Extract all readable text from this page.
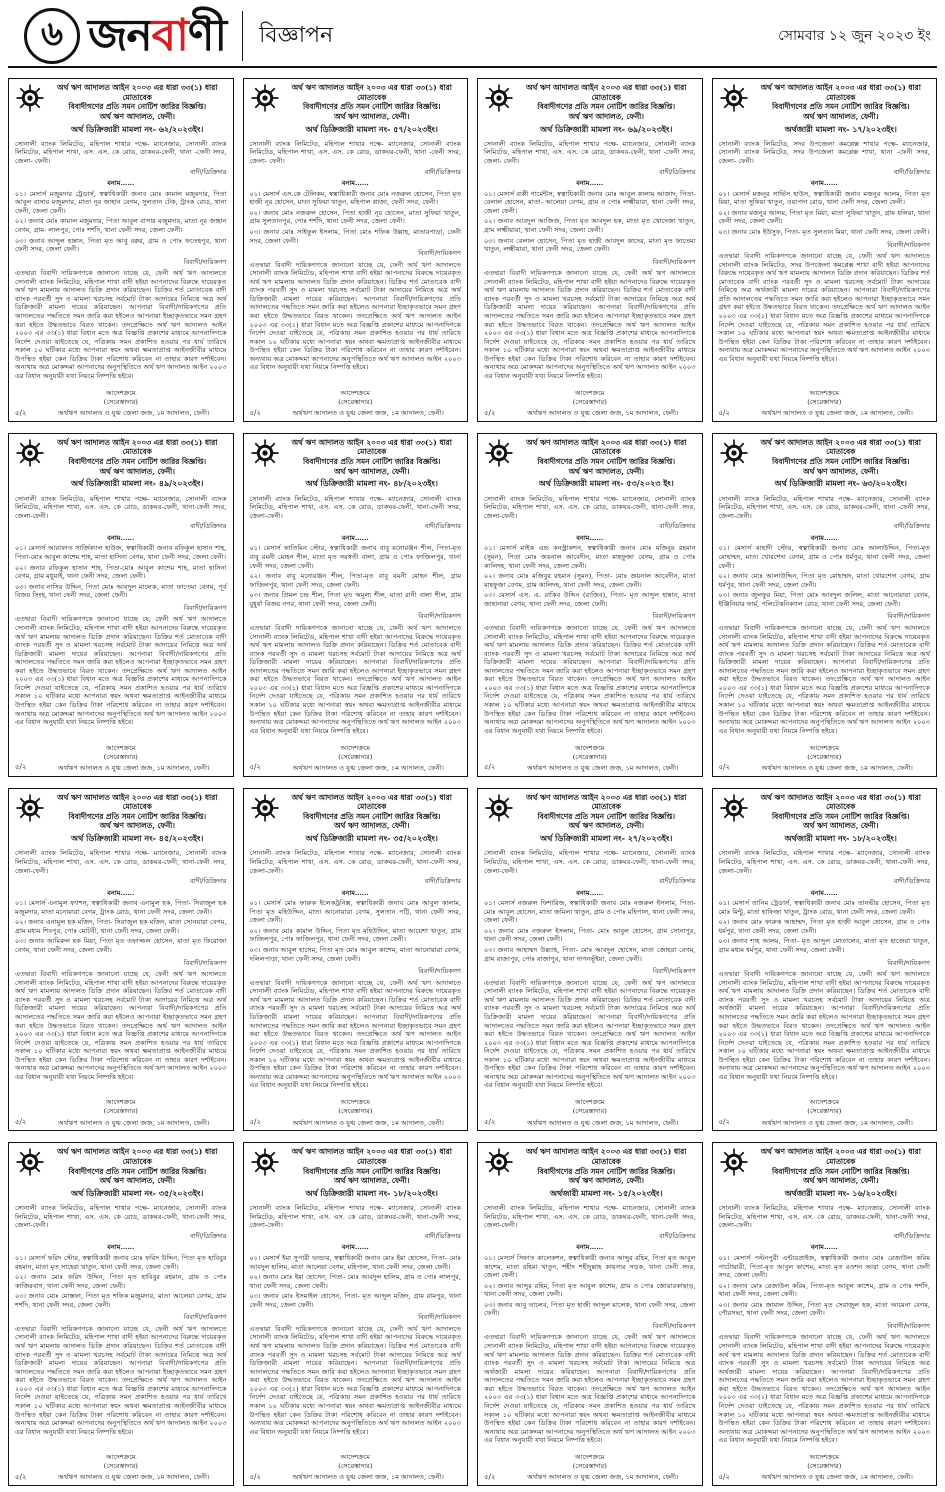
৬ জনবাণী বিজ্ঞাপন	সোমবার ১২ জুন ২০২৩ ইং
অর্থ ঋণ আদালত আইন ২০০৩ এর ধারা ৩৩(১) ধারা মোতাবেক
বিবাদীগণের প্রতি সমন নোটিশ জারির বিজ্ঞপ্তি।
অর্থ ঋণ আদালত, ফেনী।
অর্থ ডিক্রিজারী মামলা নং- ৬২/২০২৩ইং।
সোনালী ব্যাংক লিমিটেড, মহিপাল শাখার পক্ষে- ম্যানেজার, সোনালী ব্যাংক লিমিটেড, মহিপাল শাখা, এস. এস. কে রোড, ডাকঘর-ফেনী, থানা -ফেনী সদর, জেলা- ফেনী।
বাদী/ডিক্রিদার
বনাম......
০১। মেসার্স মজুমদার ট্রেডার্স, স্বত্বাধিকারী জনাব মোঃ কামাল মজুমদার, পিতা আবুল বাসার মজুমদার, মাতা নূর জাহান বেগম, সুলতান টেক, ট্রাংক রোড, থানা ফেনী, জেলা ফেনী।
০২। জনাব মোঃ কামাল মজুমদার, পিতা আবুল বাসার মজুমদার, মাতা নূর জাহান বেগম, গ্রাম- লালপুর, পোঃ শর্শদি, থানা ফেনী সদর, জেলা ফেনী।
০৩। জনাব আব্দুল হান্নান, পিতা মৃত আবু বক্কর, গ্রাম ও পোঃ ফতেহপুর, থানা ফেনী সদর, জেলা ফেনী।
বিবাদী/দায়িকগণ
এতদ্বারা বিবাদী দায়িকগণকে জানানো যাচ্ছে যে, ফেনী অর্থ ঋণ আদালতে সোনালী ব্যাংক লিমিটেড, মহিপাল শাখা বাদী হইয়া আপনাদের বিরুদ্ধে দায়েরকৃত অর্থ ঋণ মামলায় আদালত ডিক্রি প্রদান করিয়াছেন। ডিক্রির শর্ত মোতাবেক বাদী ব্যাংক পরবর্তী সুদ ও মামলা খরচসহ সর্বমোট টাকা আদায়ের নিমিত্তে অত্র অর্থ ডিক্রিজারী মামলা দায়ের করিয়াছেন। আপনারা বিবাদী/দায়িকগণের প্রতি আদালতের পদ্ধতিতে সমন জারি করা হইলেও আপনারা ইচ্ছাকৃতভাবে সমন গ্রহণ করা হইতে উদ্ধতভাবে বিরত থাকেন। তদপ্রেক্ষিতে অর্থ ঋণ আদালত আইন ২০০৩ এর ৩৩(১) ধারা বিধান মতে অত্র বিজ্ঞপ্তি প্রকাশের মাধ্যমে আপনাদিগকে নির্দেশ দেওয়া যাইতেছে যে, পত্রিকায় সমন প্রকাশিত হওয়ার পর ধার্য তারিখে সকাল ১০ ঘটিকার মধ্যে আপনারা স্বয়ং অথবা ক্ষমতাপ্রাপ্ত আইনজীবীর মাধ্যমে উপস্থিত হইয়া কেন ডিক্রির টাকা পরিশোধ করিবেন না তাহার কারণ দর্শাইবেন। অন্যথায় অত্র মোকদ্দমা আপনাদের অনুপস্থিতিতে অর্থ ঋণ আদালত আইন ২০০৩ এর বিধান অনুযায়ী যথা নিয়মে নিষ্পত্তি হইবে।
আদেশক্রমে
(সেরেস্তাদার)
৫/২	অর্থঋণ আদালত ও যুগ্ম জেলা জজ, ১ম আদালত, ফেনী।
অর্থ ঋণ আদালত আইন ২০০৩ এর ধারা ৩৩(১) ধারা মোতাবেক
বিবাদীগণের প্রতি সমন নোটিশ জারির বিজ্ঞপ্তি।
অর্থ ঋণ আদালত, ফেনী।
অর্থ ডিক্রিজারী মামলা নং- ৫৭/২০২৩ইং।
সোনালী ব্যাংক লিমিটেড, মহিপাল শাখার পক্ষে- ম্যানেজার, সোনালী ব্যাংক লিমিটেড, মহিপাল শাখা, এস. এস. কে রোড, ডাকঘর-ফেনী, থানা -ফেনী সদর, জেলা- ফেনী।
বাদী/ডিক্রিদার
বনাম......
০১। মেসার্স এস.কে টেলিকম, স্বত্বাধিকারী জনাব মোঃ নজরুল হোসেন, পিতা মৃত হাজী নূর হোসেন, মাতা সুফিয়া খাতুন, মহিপাল প্লাজা, ফেনী সদর, ফেনী।
০২। জনাব মোঃ নজরুল হোসেন, পিতা হাজী নূর হোসেন, মাতা সুফিয়া খাতুন, গ্রাম সুলতানপুর, পোঃ শর্শদি, থানা ফেনী সদর, জেলা ফেনী।
০৩। জনাব মোঃ সাইফুল ইসলাম, পিতা মোঃ শফিক উল্লাহ, মাতারপাড়া, ফেনী সদর, জেলা ফেনী।
বিবাদী/দায়িকগণ
এতদ্বারা বিবাদী দায়িকগণকে জানানো যাচ্ছে যে, ফেনী অর্থ ঋণ আদালতে সোনালী ব্যাংক লিমিটেড, মহিপাল শাখা বাদী হইয়া আপনাদের বিরুদ্ধে দায়েরকৃত অর্থ ঋণ মামলায় আদালত ডিক্রি প্রদান করিয়াছেন। ডিক্রির শর্ত মোতাবেক বাদী ব্যাংক পরবর্তী সুদ ও মামলা খরচসহ সর্বমোট টাকা আদায়ের নিমিত্তে অত্র অর্থ ডিক্রিজারী মামলা দায়ের করিয়াছেন। আপনারা বিবাদী/দায়িকগণের প্রতি আদালতের পদ্ধতিতে সমন জারি করা হইলেও আপনারা ইচ্ছাকৃতভাবে সমন গ্রহণ করা হইতে উদ্ধতভাবে বিরত থাকেন। তদপ্রেক্ষিতে অর্থ ঋণ আদালত আইন ২০০৩ এর ৩৩(১) ধারা বিধান মতে অত্র বিজ্ঞপ্তি প্রকাশের মাধ্যমে আপনাদিগকে নির্দেশ দেওয়া যাইতেছে যে, পত্রিকায় সমন প্রকাশিত হওয়ার পর ধার্য তারিখে সকাল ১০ ঘটিকার মধ্যে আপনারা স্বয়ং অথবা ক্ষমতাপ্রাপ্ত আইনজীবীর মাধ্যমে উপস্থিত হইয়া কেন ডিক্রির টাকা পরিশোধ করিবেন না তাহার কারণ দর্শাইবেন। অন্যথায় অত্র মোকদ্দমা আপনাদের অনুপস্থিতিতে অর্থ ঋণ আদালত আইন ২০০৩ এর বিধান অনুযায়ী যথা নিয়মে নিষ্পত্তি হইবে।
আদেশক্রমে
(সেরেস্তাদার)
৫/২	অর্থঋণ আদালত ও যুগ্ম জেলা জজ, ১ম আদালত, ফেনী।
অর্থ ঋণ আদালত আইন ২০০৩ এর ধারা ৩৩(১) ধারা মোতাবেক
বিবাদীগণের প্রতি সমন নোটিশ জারির বিজ্ঞপ্তি।
অর্থ ঋণ আদালত, ফেনী।
অর্থ ডিক্রিজারী মামলা নং- ৬৯/২০২৩ইং।
সোনালী ব্যাংক লিমিটেড, মহিপাল শাখার পক্ষে- ম্যানেজার, সোনালী ব্যাংক লিমিটেড, মহিপাল শাখা, এস. এস. কে রোড, ডাকঘর-ফেনী, থানা -ফেনী সদর, জেলা- ফেনী।
বাদী/ডিক্রিদার
বনাম......
০১। মেসার্স বাপ্পী গার্মেন্টস, স্বত্বাধিকারী জনাব মোঃ আবুল কালাম আজাদ, পিতা- বেলাল হোসেন, মাতা- আলেয়া বেগম, গ্রাম ও পোঃ লক্ষ্মীয়ারা, থানা ফেনী সদর, জেলা ফেনী।
০২। জনাব আবদুল আজিজ, পিতা মৃত আবদুল হক, মাতা মৃত খোদেজা খাতুন, গ্রাম লক্ষ্মীয়ারা, থানা ফেনী সদর, জেলা ফেনী।
০৩। জনাব বেলাল হোসেন, পিতা মৃত হাজী আবদুল কাদের, মাতা মৃত ফাতেমা খাতুন, লক্ষ্মীয়ারা, থানা ফেনী সদর, জেলা ফেনী।
বিবাদী/দায়িকগণ
এতদ্বারা বিবাদী দায়িকগণকে জানানো যাচ্ছে যে, ফেনী অর্থ ঋণ আদালতে সোনালী ব্যাংক লিমিটেড, মহিপাল শাখা বাদী হইয়া আপনাদের বিরুদ্ধে দায়েরকৃত অর্থ ঋণ মামলায় আদালত ডিক্রি প্রদান করিয়াছেন। ডিক্রির শর্ত মোতাবেক বাদী ব্যাংক পরবর্তী সুদ ও মামলা খরচসহ সর্বমোট টাকা আদায়ের নিমিত্তে অত্র অর্থ ডিক্রিজারী মামলা দায়ের করিয়াছেন। আপনারা বিবাদী/দায়িকগণের প্রতি আদালতের পদ্ধতিতে সমন জারি করা হইলেও আপনারা ইচ্ছাকৃতভাবে সমন গ্রহণ করা হইতে উদ্ধতভাবে বিরত থাকেন। তদপ্রেক্ষিতে অর্থ ঋণ আদালত আইন ২০০৩ এর ৩৩(১) ধারা বিধান মতে অত্র বিজ্ঞপ্তি প্রকাশের মাধ্যমে আপনাদিগকে নির্দেশ দেওয়া যাইতেছে যে, পত্রিকায় সমন প্রকাশিত হওয়ার পর ধার্য তারিখে সকাল ১০ ঘটিকার মধ্যে আপনারা স্বয়ং অথবা ক্ষমতাপ্রাপ্ত আইনজীবীর মাধ্যমে উপস্থিত হইয়া কেন ডিক্রির টাকা পরিশোধ করিবেন না তাহার কারণ দর্শাইবেন। অন্যথায় অত্র মোকদ্দমা আপনাদের অনুপস্থিতিতে অর্থ ঋণ আদালত আইন ২০০৩ এর বিধান অনুযায়ী যথা নিয়মে নিষ্পত্তি হইবে।
আদেশক্রমে
(সেরেস্তাদার)
৫/২	অর্থঋণ আদালত ও যুগ্ম জেলা জজ, ১ম আদালত, ফেনী।
অর্থ ঋণ আদালত আইন ২০০৩ এর ধারা ৩৩(১) ধারা মোতাবেক
বিবাদীগণের প্রতি সমন নোটিশ জারির বিজ্ঞপ্তি।
অর্থ ঋণ আদালত, ফেনী।
অর্থজারী মামলা নং- ১৭/২০২৩ইং।
সোনালী ব্যাংক লিমিটেড, সদর উপজেলা কমপ্লেক্স শাখার পক্ষে- ম্যানেজার, সোনালী ব্যাংক লিমিটেড, সদর উপজেলা কমপ্লেক্স শাখা, থানা -ফেনী সদর, জেলা- ফেনী।
বাদী/ডিক্রিদার
বনাম......
০১। মেসার্স মজনুর সার্ভিস হাউস, স্বত্বাধিকারী জনাব মজনুর আলম, পিতা মৃত মিয়া, মাতা সুফিয়া খাতুন, ওয়াপদা রোড, থানা ফেনী সদর, জেলা ফেনী।
০২। জনাব মজনুর আলম, পিতা মৃত মিয়া, মাতা সুফিয়া খাতুন, গ্রাম ধলিয়া, থানা ফেনী সদর, জেলা ফেনী।
০৩। জনাব মোঃ ইউসুফ, পিতা- মৃত সুলতান মিয়া, থানা ফেনী সদর, জেলা ফেনী।
বিবাদী/দায়িকগণ
এতদ্বারা বিবাদী দায়িকগণকে জানানো যাচ্ছে যে, ফেনী অর্থ ঋণ আদালতে সোনালী ব্যাংক লিমিটেড, সদর উপজেলা কমপ্লেক্স শাখা বাদী হইয়া আপনাদের বিরুদ্ধে দায়েরকৃত অর্থ ঋণ মামলায় আদালত ডিক্রি প্রদান করিয়াছেন। ডিক্রির শর্ত মোতাবেক বাদী ব্যাংক পরবর্তী সুদ ও মামলা খরচসহ সর্বমোট টাকা আদায়ের নিমিত্তে অত্র অর্থজারী মামলা দায়ের করিয়াছেন। আপনারা বিবাদী/দায়িকগণের প্রতি আদালতের পদ্ধতিতে সমন জারি করা হইলেও আপনারা ইচ্ছাকৃতভাবে সমন গ্রহণ করা হইতে উদ্ধতভাবে বিরত থাকেন। তদপ্রেক্ষিতে অর্থ ঋণ আদালত আইন ২০০৩ এর ৩৩(১) ধারা বিধান মতে অত্র বিজ্ঞপ্তি প্রকাশের মাধ্যমে আপনাদিগকে নির্দেশ দেওয়া যাইতেছে যে, পত্রিকায় সমন প্রকাশিত হওয়ার পর ধার্য তারিখে সকাল ১০ ঘটিকার মধ্যে আপনারা স্বয়ং অথবা ক্ষমতাপ্রাপ্ত আইনজীবীর মাধ্যমে উপস্থিত হইয়া কেন ডিক্রির টাকা পরিশোধ করিবেন না তাহার কারণ দর্শাইবেন। অন্যথায় অত্র মোকদ্দমা আপনাদের অনুপস্থিতিতে অর্থ ঋণ আদালত আইন ২০০৩ এর বিধান অনুযায়ী যথা নিয়মে নিষ্পত্তি হইবে।
আদেশক্রমে
(সেরেস্তাদার)
৫/২	অর্থঋণ আদালত ও যুগ্ম জেলা জজ, ১ম আদালত, ফেনী।
অর্থ ঋণ আদালত আইন ২০০৩ এর ধারা ৩৩(১) ধারা মোতাবেক
বিবাদীগণের প্রতি সমন নোটিশ জারির বিজ্ঞপ্তি।
অর্থ ঋণ আদালত, ফেনী।
অর্থ ডিক্রিজারী মামলা নং- ৪৯/২০২৩ইং।
সোনালী ব্যাংক লিমিটেড, মহিপাল শাখার পক্ষে- ম্যানেজার, সোনালী ব্যাংক লিমিটেড, মহিপাল শাখা, এস. এস. কে রোড, ডাকঘর-ফেনী, থানা-ফেনী সদর, জেলা-ফেনী।
বাদী/ডিক্রিদার
বনাম......
০১। মেসার্স আরাফাত সার্জিক্যাল হাউজ, স্বত্বাধিকারী জনাব রফিকুল হাসান শাহ, পিতা-মোঃ আবুল কাশেম শাহ, মাতা হাসিনা বেগম, থানা ফেনী সদর, জেলা ফেনী।
০২। জনাব রফিকুল হাসান শাহ, পিতা-মোঃ আবুল কাশেম শাহ, মাতা হাসিনা বেগম, গ্রাম মধুয়াই, থানা ফেনী সদর, জেলা ফেনী।
০৩। জনাব নাসির উদ্দিন, পিতা মোঃ আবদুল মালেক, মাতা ফাতেমা বেগম, পূর্ব বিজয় সিংহ, থানা ফেনী সদর, জেলা ফেনী।
বিবাদী/দায়িকগণ
এতদ্বারা বিবাদী দায়িকগণকে জানানো যাচ্ছে যে, ফেনী অর্থ ঋণ আদালতে সোনালী ব্যাংক লিমিটেড, মহিপাল শাখা বাদী হইয়া আপনাদের বিরুদ্ধে দায়েরকৃত অর্থ ঋণ মামলায় আদালত ডিক্রি প্রদান করিয়াছেন। ডিক্রির শর্ত মোতাবেক বাদী ব্যাংক পরবর্তী সুদ ও মামলা খরচসহ সর্বমোট টাকা আদায়ের নিমিত্তে অত্র অর্থ ডিক্রিজারী মামলা দায়ের করিয়াছেন। আপনারা বিবাদী/দায়িকগণের প্রতি আদালতের পদ্ধতিতে সমন জারি করা হইলেও আপনারা ইচ্ছাকৃতভাবে সমন গ্রহণ করা হইতে উদ্ধতভাবে বিরত থাকেন। তদপ্রেক্ষিতে অর্থ ঋণ আদালত আইন ২০০৩ এর ৩৩(১) ধারা বিধান মতে অত্র বিজ্ঞপ্তি প্রকাশের মাধ্যমে আপনাদিগকে নির্দেশ দেওয়া যাইতেছে যে, পত্রিকায় সমন প্রকাশিত হওয়ার পর ধার্য তারিখে সকাল ১০ ঘটিকার মধ্যে আপনারা স্বয়ং অথবা ক্ষমতাপ্রাপ্ত আইনজীবীর মাধ্যমে উপস্থিত হইয়া কেন ডিক্রির টাকা পরিশোধ করিবেন না তাহার কারণ দর্শাইবেন। অন্যথায় অত্র মোকদ্দমা আপনাদের অনুপস্থিতিতে অর্থ ঋণ আদালত আইন ২০০৩ এর বিধান অনুযায়ী যথা নিয়মে নিষ্পত্তি হইবে।
আদেশক্রমে
(সেরেস্তাদার)
৫/২	অর্থঋণ আদালত ও যুগ্ম জেলা জজ, ১ম আদালত, ফেনী।
অর্থ ঋণ আদালত আইন ২০০৩ এর ধারা ৩৩(১) ধারা মোতাবেক
বিবাদীগণের প্রতি সমন নোটিশ জারির বিজ্ঞপ্তি।
অর্থ ঋণ আদালত, ফেনী।
অর্থ ডিক্রিজারী মামলা নং- ৪৮/২০২৩ইং।
সোনালী ব্যাংক লিমিটেড, মহিপাল শাখার পক্ষে- ম্যানেজার, সোনালী ব্যাংক লিমিটেড, মহিপাল শাখা, এস. এস. কে রোড, ডাকঘর-ফেনী, থানা-ফেনী সদর, জেলা-ফেনী।
বাদী/ডিক্রিদার
বনাম......
০১। মেসার্স ফাতিমিন স্টোর, স্বত্বাধিকারী জনাব বাবু মনোরঞ্জন শীল, পিতা-মৃত বাবু রমনী মোহন শীল, মাতা মৃত সরস্বতী বালা, গ্রাম ও পোঃ ফাজিলপুর, থানা ফেনী সদর, জেলা ফেনী।
০২। জনাব বাবু মনোরঞ্জন শীল, পিতা-মৃত বাবু রমনী মোহন শীল, গ্রাম ফাজিলপুর, থানা ফেনী সদর, জেলা ফেনী।
০৩। জনাব প্রিমল চন্দ্র শীল, পিতা মৃত অমূল্য শীল, মাতা রানী বালা শীল, গ্রাম বুধুর্য়া বিজয় নগর, থানা ফেনী সদর, জেলা ফেনী।
বিবাদী/দায়িকগণ
এতদ্বারা বিবাদী দায়িকগণকে জানানো যাচ্ছে যে, ফেনী অর্থ ঋণ আদালতে সোনালী ব্যাংক লিমিটেড, মহিপাল শাখা বাদী হইয়া আপনাদের বিরুদ্ধে দায়েরকৃত অর্থ ঋণ মামলায় আদালত ডিক্রি প্রদান করিয়াছেন। ডিক্রির শর্ত মোতাবেক বাদী ব্যাংক পরবর্তী সুদ ও মামলা খরচসহ সর্বমোট টাকা আদায়ের নিমিত্তে অত্র অর্থ ডিক্রিজারী মামলা দায়ের করিয়াছেন। আপনারা বিবাদী/দায়িকগণের প্রতি আদালতের পদ্ধতিতে সমন জারি করা হইলেও আপনারা ইচ্ছাকৃতভাবে সমন গ্রহণ করা হইতে উদ্ধতভাবে বিরত থাকেন। তদপ্রেক্ষিতে অর্থ ঋণ আদালত আইন ২০০৩ এর ৩৩(১) ধারা বিধান মতে অত্র বিজ্ঞপ্তি প্রকাশের মাধ্যমে আপনাদিগকে নির্দেশ দেওয়া যাইতেছে যে, পত্রিকায় সমন প্রকাশিত হওয়ার পর ধার্য তারিখে সকাল ১০ ঘটিকার মধ্যে আপনারা স্বয়ং অথবা ক্ষমতাপ্রাপ্ত আইনজীবীর মাধ্যমে উপস্থিত হইয়া কেন ডিক্রির টাকা পরিশোধ করিবেন না তাহার কারণ দর্শাইবেন। অন্যথায় অত্র মোকদ্দমা আপনাদের অনুপস্থিতিতে অর্থ ঋণ আদালত আইন ২০০৩ এর বিধান অনুযায়ী যথা নিয়মে নিষ্পত্তি হইবে।
আদেশক্রমে
(সেরেস্তাদার)
৫/২	অর্থঋণ আদালত ও যুগ্ম জেলা জজ, ১ম আদালত, ফেনী।
অর্থ ঋণ আদালত আইন ২০০৩ এর ধারা ৩৩(১) ধারা মোতাবেক
বিবাদীগণের প্রতি সমন নোটিশ জারির বিজ্ঞপ্তি।
অর্থ ঋণ আদালত, ফেনী।
অর্থ ডিক্রিজারী মামলা নং- ৫৩/২০২৩ ইং।
সোনালী ব্যাংক লিমিটেড, মহিপাল শাখার পক্ষে- ম্যানেজার, সোনালী ব্যাংক লিমিটেড, মহিপাল শাখা, এস. এস. কে রোড, ডাকঘর-ফেনী, থানা-ফেনী সদর, জেলা-ফেনী।
বাদী/ডিক্রিদার
বনাম......
০১। মেসার্স মাইক এন্ড কনস্ট্রাকশন, স্বত্বাধিকারী জনাব মোঃ মজিবুর রহমান (সুমন), পিতা মোঃ জয়নাল আবেদীন, মাতা মাহফুজা বেগম, গ্রাম ও পোঃ কালিদহ, থানা ফেনী সদর, জেলা ফেনী।
০২। জনাব মোঃ মজিবুর রহমান (সুমন), পিতা- মোঃ জয়নাল আবেদীন, মাতা মাহফুজা বেগম, গ্রাম কালিদহ, থানা ফেনী সদর, জেলা ফেনী।
০৩। মেসার্স এস. এ. রাকিব উদ্দিন (রাজিব), পিতা- মৃত আব্দুল হান্নান, মাতা জাহানারা বেগম, থানা ফেনী সদর, জেলা ফেনী।
বিবাদী/দায়িকগণ
এতদ্বারা বিবাদী দায়িকগণকে জানানো যাচ্ছে যে, ফেনী অর্থ ঋণ আদালতে সোনালী ব্যাংক লিমিটেড, মহিপাল শাখা বাদী হইয়া আপনাদের বিরুদ্ধে দায়েরকৃত অর্থ ঋণ মামলায় আদালত ডিক্রি প্রদান করিয়াছেন। ডিক্রির শর্ত মোতাবেক বাদী ব্যাংক পরবর্তী সুদ ও মামলা খরচসহ সর্বমোট টাকা আদায়ের নিমিত্তে অত্র অর্থ ডিক্রিজারী মামলা দায়ের করিয়াছেন। আপনারা বিবাদী/দায়িকগণের প্রতি আদালতের পদ্ধতিতে সমন জারি করা হইলেও আপনারা ইচ্ছাকৃতভাবে সমন গ্রহণ করা হইতে উদ্ধতভাবে বিরত থাকেন। তদপ্রেক্ষিতে অর্থ ঋণ আদালত আইন ২০০৩ এর ৩৩(১) ধারা বিধান মতে অত্র বিজ্ঞপ্তি প্রকাশের মাধ্যমে আপনাদিগকে নির্দেশ দেওয়া যাইতেছে যে, পত্রিকায় সমন প্রকাশিত হওয়ার পর ধার্য তারিখে সকাল ১০ ঘটিকার মধ্যে আপনারা স্বয়ং অথবা ক্ষমতাপ্রাপ্ত আইনজীবীর মাধ্যমে উপস্থিত হইয়া কেন ডিক্রির টাকা পরিশোধ করিবেন না তাহার কারণ দর্শাইবেন। অন্যথায় অত্র মোকদ্দমা আপনাদের অনুপস্থিতিতে অর্থ ঋণ আদালত আইন ২০০৩ এর বিধান অনুযায়ী যথা নিয়মে নিষ্পত্তি হইবে।
আদেশক্রমে
(সেরেস্তাদার)
৫/২	অর্থঋণ আদালত ও যুগ্ম জেলা জজ, ১ম আদালত, ফেনী।
অর্থ ঋণ আদালত আইন ২০০৩ এর ধারা ৩৩(১) ধারা মোতাবেক
বিবাদীগণের প্রতি সমন নোটিশ জারির বিজ্ঞপ্তি।
অর্থ ঋণ আদালত, ফেনী।
অর্থ ডিক্রিজারী মামলা নং- ৬৩/২০২৩ইং।
সোনালী ব্যাংক লিমিটেড, মহিপাল শাখার পক্ষে- ম্যানেজার, সোনালী ব্যাংক লিমিটেড, মহিপাল শাখা, এস. এস. কে রোড, ডাকঘর-ফেনী, থানা -ফেনী সদর, জেলা-ফেনী।
বাদী/ডিক্রিদার
বনাম......
০১। মেসার্স মাহাদী স্টোর, স্বত্বাধিকারী জনাব মোঃ আলাউদ্দিন, পিতা-মৃত মোহাম্মদ, মাতা খোরশেদা বেগম, গ্রাম ও পোঃ ধর্মপুর, থানা ফেনী সদর, জেলা ফেনী।
০২। জনাব মোঃ আলাউদ্দিন, পিতা মৃত মোহাম্মদ, মাতা খোরশেদা বেগম, গ্রাম ধর্মপুর, থানা ফেনী সদর, জেলা ফেনী।
০৩। জনাব জুলফুর মিয়া, পিতা মোঃ আবদুল জলিল, মাতা আনোয়ারা বেগম, ইঞ্জিনিয়ার ফার্ম, পলিটেকনিক্যাল রোড, থানা ফেনী সদর, জেলা ফেনী।
বিবাদী/দায়িকগণ
এতদ্বারা বিবাদী দায়িকগণকে জানানো যাচ্ছে যে, ফেনী অর্থ ঋণ আদালতে সোনালী ব্যাংক লিমিটেড, মহিপাল শাখা বাদী হইয়া আপনাদের বিরুদ্ধে দায়েরকৃত অর্থ ঋণ মামলায় আদালত ডিক্রি প্রদান করিয়াছেন। ডিক্রির শর্ত মোতাবেক বাদী ব্যাংক পরবর্তী সুদ ও মামলা খরচসহ সর্বমোট টাকা আদায়ের নিমিত্তে অত্র অর্থ ডিক্রিজারী মামলা দায়ের করিয়াছেন। আপনারা বিবাদী/দায়িকগণের প্রতি আদালতের পদ্ধতিতে সমন জারি করা হইলেও আপনারা ইচ্ছাকৃতভাবে সমন গ্রহণ করা হইতে উদ্ধতভাবে বিরত থাকেন। তদপ্রেক্ষিতে অর্থ ঋণ আদালত আইন ২০০৩ এর ৩৩(১) ধারা বিধান মতে অত্র বিজ্ঞপ্তি প্রকাশের মাধ্যমে আপনাদিগকে নির্দেশ দেওয়া যাইতেছে যে, পত্রিকায় সমন প্রকাশিত হওয়ার পর ধার্য তারিখে সকাল ১০ ঘটিকার মধ্যে আপনারা স্বয়ং অথবা ক্ষমতাপ্রাপ্ত আইনজীবীর মাধ্যমে উপস্থিত হইয়া কেন ডিক্রির টাকা পরিশোধ করিবেন না তাহার কারণ দর্শাইবেন। অন্যথায় অত্র মোকদ্দমা আপনাদের অনুপস্থিতিতে অর্থ ঋণ আদালত আইন ২০০৩ এর বিধান অনুযায়ী যথা নিয়মে নিষ্পত্তি হইবে।
আদেশক্রমে
(সেরেস্তাদার)
৫/২	অর্থঋণ আদালত ও যুগ্ম জেলা জজ, ১ম আদালত, ফেনী।
অর্থ ঋণ আদালত আইন ২০০৩ এর ধারা ৩৩(১) ধারা মোতাবেক
বিবাদীগণের প্রতি সমন নোটিশ জারির বিজ্ঞপ্তি।
অর্থ ঋণ আদালত, ফেনী।
অর্থ ডিক্রিজারী মামলা নং- ৪৫/২০২৩ইং।
সোনালী ব্যাংক লিমিটেড, মহিপাল শাখার পক্ষে- ম্যানেজার, সোনালী ব্যাংক লিমিটেড, মহিপাল শাখা, এস. এস. কে রোড, ডাকঘর-ফেনী, থানা-ফেনী সদর, জেলা-ফেনী।
বাদী/ডিক্রিদার
বনাম......
০১। মেসার্স এনামুল ফ্যাশন, স্বত্বাধিকারী জনাব এনামুল হক, পিতা- সিরাজুল হক মজুমদার, মাতা মনোয়ারা বেগম, ট্রাংক রোড, থানা ফেনী সদর, জেলা ফেনী।
০২। জনাব এনামুল হক মজিদ, পিতা- সিরাজুল হক মজিদ, মাতা সোনয়ারা বেগম, গ্রাম মধ্যম শিবপুর, পোঃ মোটবী, থানা ফেনী সদর, জেলা ফেনী।
০৩। জনাব আমিরুল হক মিয়া, পিতা মৃত তফাজ্জল হোসেন, মাতা মৃত ফিরোজা বেগম, থানা ফেনী সদর, জেলা ফেনী।
বিবাদী/দায়িকগণ
এতদ্বারা বিবাদী দায়িকগণকে জানানো যাচ্ছে যে, ফেনী অর্থ ঋণ আদালতে সোনালী ব্যাংক লিমিটেড, মহিপাল শাখা বাদী হইয়া আপনাদের বিরুদ্ধে দায়েরকৃত অর্থ ঋণ মামলায় আদালত ডিক্রি প্রদান করিয়াছেন। ডিক্রির শর্ত মোতাবেক বাদী ব্যাংক পরবর্তী সুদ ও মামলা খরচসহ সর্বমোট টাকা আদায়ের নিমিত্তে অত্র অর্থ ডিক্রিজারী মামলা দায়ের করিয়াছেন। আপনারা বিবাদী/দায়িকগণের প্রতি আদালতের পদ্ধতিতে সমন জারি করা হইলেও আপনারা ইচ্ছাকৃতভাবে সমন গ্রহণ করা হইতে উদ্ধতভাবে বিরত থাকেন। তদপ্রেক্ষিতে অর্থ ঋণ আদালত আইন ২০০৩ এর ৩৩(১) ধারা বিধান মতে অত্র বিজ্ঞপ্তি প্রকাশের মাধ্যমে আপনাদিগকে নির্দেশ দেওয়া যাইতেছে যে, পত্রিকায় সমন প্রকাশিত হওয়ার পর ধার্য তারিখে সকাল ১০ ঘটিকার মধ্যে আপনারা স্বয়ং অথবা ক্ষমতাপ্রাপ্ত আইনজীবীর মাধ্যমে উপস্থিত হইয়া কেন ডিক্রির টাকা পরিশোধ করিবেন না তাহার কারণ দর্শাইবেন। অন্যথায় অত্র মোকদ্দমা আপনাদের অনুপস্থিতিতে অর্থ ঋণ আদালত আইন ২০০৩ এর বিধান অনুযায়ী যথা নিয়মে নিষ্পত্তি হইবে।
আদেশক্রমে
(সেরেস্তাদার)
৫/২	অর্থঋণ আদালত ও যুগ্ম জেলা জজ, ১ম আদালত, ফেনী।
অর্থ ঋণ আদালত আইন ২০০৩ এর ধারা ৩৩(১) ধারা মোতাবেক
বিবাদীগণের প্রতি সমন নোটিশ জারির বিজ্ঞপ্তি।
অর্থ ঋণ আদালত, ফেনী।
অর্থ ডিক্রিজারী মামলা নং- ৩৫/২০২৩ইং।
সোনালী ব্যাংক লিমিটেড, মহিপাল শাখার পক্ষে- ম্যানেজার, সোনালী ব্যাংক লিমিটেড, মহিপাল শাখা, এস. এস. কে রোড, ডাকঘর-ফেনী, থানা-ফেনী সদর, জেলা-ফেনী।
বাদী/ডিক্রিদার
বনাম......
০১। মেসার্স মোঃ ফারুক ইলেকট্রনিক্স, স্বত্বাধিকারী জনাব মোঃ আবুল কালাম, পিতা মৃত মহিউদ্দিন, মাতা আনোয়ারা বেগম, সুলতান পট্টি, থানা ফেনী সদর, জেলা ফেনী।
০২। জনাব মোঃ কামাল উদ্দিন, পিতা মৃত মহিউদ্দিন, মাতা আয়েশা খাতুন, গ্রাম ফাজিলপুর, পোঃ ফাজিলপুর, থানা ফেনী সদর, জেলা ফেনী।
০৩। জনাব আবুল হাসেম, পিতা মৃত মোঃ আবুল কাশেম, মাতা আনোয়ারা বেগম, দলিলপাড়া, থানা ফেনী সদর, জেলা ফেনী।
বিবাদী/দায়িকগণ
এতদ্বারা বিবাদী দায়িকগণকে জানানো যাচ্ছে যে, ফেনী অর্থ ঋণ আদালতে সোনালী ব্যাংক লিমিটেড, মহিপাল শাখা বাদী হইয়া আপনাদের বিরুদ্ধে দায়েরকৃত অর্থ ঋণ মামলায় আদালত ডিক্রি প্রদান করিয়াছেন। ডিক্রির শর্ত মোতাবেক বাদী ব্যাংক পরবর্তী সুদ ও মামলা খরচসহ সর্বমোট টাকা আদায়ের নিমিত্তে অত্র অর্থ ডিক্রিজারী মামলা দায়ের করিয়াছেন। আপনারা বিবাদী/দায়িকগণের প্রতি আদালতের পদ্ধতিতে সমন জারি করা হইলেও আপনারা ইচ্ছাকৃতভাবে সমন গ্রহণ করা হইতে উদ্ধতভাবে বিরত থাকেন। তদপ্রেক্ষিতে অর্থ ঋণ আদালত আইন ২০০৩ এর ৩৩(১) ধারা বিধান মতে অত্র বিজ্ঞপ্তি প্রকাশের মাধ্যমে আপনাদিগকে নির্দেশ দেওয়া যাইতেছে যে, পত্রিকায় সমন প্রকাশিত হওয়ার পর ধার্য তারিখে সকাল ১০ ঘটিকার মধ্যে আপনারা স্বয়ং অথবা ক্ষমতাপ্রাপ্ত আইনজীবীর মাধ্যমে উপস্থিত হইয়া কেন ডিক্রির টাকা পরিশোধ করিবেন না তাহার কারণ দর্শাইবেন। অন্যথায় অত্র মোকদ্দমা আপনাদের অনুপস্থিতিতে অর্থ ঋণ আদালত আইন ২০০৩ এর বিধান অনুযায়ী যথা নিয়মে নিষ্পত্তি হইবে।
আদেশক্রমে
(সেরেস্তাদার)
৫/২	অর্থঋণ আদালত ও যুগ্ম জেলা জজ, ১ম আদালত, ফেনী।
অর্থ ঋণ আদালত আইন ২০০৩ এর ধারা ৩৩(১) ধারা মোতাবেক
বিবাদীগণের প্রতি সমন নোটিশ জারির বিজ্ঞপ্তি।
অর্থ ঋণ আদালত, ফেনী।
অর্থ ডিক্রিজারী মামলা নং- ২৭/২০২৩ইং।
সোনালী ব্যাংক লিমিটেড, মহিপাল শাখার পক্ষে- ম্যানেজার, সোনালী ব্যাংক লিমিটেড, মহিপাল শাখা, এস. এস. কে রোড, ডাকঘর-ফেনী, থানা-ফেনী সদর, জেলা-ফেনী।
বাদী/ডিক্রিদার
বনাম......
০১। মেসার্স নজরুল ফিশারিজ, স্বত্বাধিকারী জনাব মোঃ নজরুল ইসলাম, পিতা- মোঃ আবুল হোসেন, মাতা জমিলা খাতুন, গ্রাম ও পোঃ মহিপাল, থানা ফেনী সদর, জেলা ফেনী।
০২। জনাব মোঃ নজরুল ইসলাম, পিতা- মোঃ আবুল হোসেন, গ্রাম সোনাপুর, থানা ফেনী সদর, জেলা ফেনী।
০৩। জনাব আহাম্মদ উল্ল্যাহ, পিতা- মোঃ আবদুল হোসেন, মাতা জোহরা বেগম, গ্রাম রাজাপুর, পোঃ রাজাপুর, থানা দাগনভূঁইয়া, জেলা ফেনী।
বিবাদী/দায়িকগণ
এতদ্বারা বিবাদী দায়িকগণকে জানানো যাচ্ছে যে, ফেনী অর্থ ঋণ আদালতে সোনালী ব্যাংক লিমিটেড, মহিপাল শাখা বাদী হইয়া আপনাদের বিরুদ্ধে দায়েরকৃত অর্থ ঋণ মামলায় আদালত ডিক্রি প্রদান করিয়াছেন। ডিক্রির শর্ত মোতাবেক বাদী ব্যাংক পরবর্তী সুদ ও মামলা খরচসহ সর্বমোট টাকা আদায়ের নিমিত্তে অত্র অর্থ ডিক্রিজারী মামলা দায়ের করিয়াছেন। আপনারা বিবাদী/দায়িকগণের প্রতি আদালতের পদ্ধতিতে সমন জারি করা হইলেও আপনারা ইচ্ছাকৃতভাবে সমন গ্রহণ করা হইতে উদ্ধতভাবে বিরত থাকেন। তদপ্রেক্ষিতে অর্থ ঋণ আদালত আইন ২০০৩ এর ৩৩(১) ধারা বিধান মতে অত্র বিজ্ঞপ্তি প্রকাশের মাধ্যমে আপনাদিগকে নির্দেশ দেওয়া যাইতেছে যে, পত্রিকায় সমন প্রকাশিত হওয়ার পর ধার্য তারিখে সকাল ১০ ঘটিকার মধ্যে আপনারা স্বয়ং অথবা ক্ষমতাপ্রাপ্ত আইনজীবীর মাধ্যমে উপস্থিত হইয়া কেন ডিক্রির টাকা পরিশোধ করিবেন না তাহার কারণ দর্শাইবেন। অন্যথায় অত্র মোকদ্দমা আপনাদের অনুপস্থিতিতে অর্থ ঋণ আদালত আইন ২০০৩ এর বিধান অনুযায়ী যথা নিয়মে নিষ্পত্তি হইবে।
আদেশক্রমে
(সেরেস্তাদার)
৫/২	অর্থঋণ আদালত ও যুগ্ম জেলা জজ, ১ম আদালত, ফেনী।
অর্থ ঋণ আদালত আইন ২০০৩ এর ধারা ৩৩(১) ধারা মোতাবেক
বিবাদীগণের প্রতি সমন নোটিশ জারির বিজ্ঞপ্তি।
অর্থ ঋণ আদালত, ফেনী।
অর্থজারী মামলা নং- ১৮/২০২৩ইং।
সোনালী ব্যাংক লিমিটেড, মহিপাল শাখার পক্ষে- ম্যানেজার, সোনালী ব্যাংক লিমিটেড, মহিপাল শাখা, এস. এস. কে রোড, ডাকঘর-ফেনী, থানা-ফেনী সদর, জেলা-ফেনী।
বাদী/ডিক্রিদার
বনাম......
০১। মেসার্স তানিম ট্রেডার্স, স্বত্বাধিকারী জনাব মোঃ তানভীর হোসেন, পিতা মৃত মোঃ মিন্টু, মাতা হাফিজা খাতুন, ট্রাংক রোড, থানা ফেনী সদর, জেলা ফেনী।
০২। জনাব মোঃ ফারুক আহাম্মদ, পিতা মৃত হাজী আবুল হোসেন, গ্রাম ও পোঃ ধর্মপুর, থানা ফেনী সদর, জেলা ফেনী।
০৩। জনাব শাহ আলম, পিতা- মৃত আব্দুল মোতালেব, মাতা মৃত হাজেরা খাতুন, গ্রাম মধ্যম ধর্মপুর, থানা ফেনী সদর, জেলা ফেনী।
বিবাদী/দায়িকগণ
এতদ্বারা বিবাদী দায়িকগণকে জানানো যাচ্ছে যে, ফেনী অর্থ ঋণ আদালতে সোনালী ব্যাংক লিমিটেড, মহিপাল শাখা বাদী হইয়া আপনাদের বিরুদ্ধে দায়েরকৃত অর্থ ঋণ মামলায় আদালত ডিক্রি প্রদান করিয়াছেন। ডিক্রির শর্ত মোতাবেক বাদী ব্যাংক পরবর্তী সুদ ও মামলা খরচসহ সর্বমোট টাকা আদায়ের নিমিত্তে অত্র অর্থজারী মামলা দায়ের করিয়াছেন। আপনারা বিবাদী/দায়িকগণের প্রতি আদালতের পদ্ধতিতে সমন জারি করা হইলেও আপনারা ইচ্ছাকৃতভাবে সমন গ্রহণ করা হইতে উদ্ধতভাবে বিরত থাকেন। তদপ্রেক্ষিতে অর্থ ঋণ আদালত আইন ২০০৩ এর ৩৩(১) ধারা বিধান মতে অত্র বিজ্ঞপ্তি প্রকাশের মাধ্যমে আপনাদিগকে নির্দেশ দেওয়া যাইতেছে যে, পত্রিকায় সমন প্রকাশিত হওয়ার পর ধার্য তারিখে সকাল ১০ ঘটিকার মধ্যে আপনারা স্বয়ং অথবা ক্ষমতাপ্রাপ্ত আইনজীবীর মাধ্যমে উপস্থিত হইয়া কেন ডিক্রির টাকা পরিশোধ করিবেন না তাহার কারণ দর্শাইবেন। অন্যথায় অত্র মোকদ্দমা আপনাদের অনুপস্থিতিতে অর্থ ঋণ আদালত আইন ২০০৩ এর বিধান অনুযায়ী যথা নিয়মে নিষ্পত্তি হইবে।
আদেশক্রমে
(সেরেস্তাদার)
৫/২	অর্থঋণ আদালত ও যুগ্ম জেলা জজ, ১ম আদালত, ফেনী।
অর্থ ঋণ আদালত আইন ২০০৩ এর ধারা ৩৩(১) ধারা মোতাবেক
বিবাদীগণের প্রতি সমন নোটিশ জারির বিজ্ঞপ্তি।
অর্থ ঋণ আদালত, ফেনী।
অর্থ ডিক্রিজারী মামলা নং- ৩৫/২০২৩ইং।
সোনালী ব্যাংক লিমিটেড, মহিপাল শাখার পক্ষে- ম্যানেজার, সোনালী ব্যাংক লিমিটেড, মহিপাল শাখা, এস. এস. কে রোড, ডাকঘর-ফেনী, থানা-ফেনী সদর, জেলা-ফেনী।
বাদী/ডিক্রিদার
বনাম......
০১। মেসার্স ফরিদ স্টোর, স্বত্বাধিকারী জনাব মোঃ ফরিদ উদ্দিন, পিতা মৃত হাবিবুর রহমান, মাতা মৃত সাহেরা খাতুন, থানা ফেনী সদর, জেলা ফেনী।
০২। জনাব মোঃ ফরিদ উদ্দিন, পিতা মৃত হাবিবুর রহমান, গ্রাম ও পোঃ কাজিরবাগ, থানা ফেনী সদর, জেলা ফেনী।
০৩। জনাব মোঃ মোস্তফা, পিতা মৃত শফিক মজুমদার, মাতা আলেয়া বেগম, গ্রাম শর্শদি, থানা ফেনী সদর, জেলা ফেনী।
বিবাদী/দায়িকগণ
এতদ্বারা বিবাদী দায়িকগণকে জানানো যাচ্ছে যে, ফেনী অর্থ ঋণ আদালতে সোনালী ব্যাংক লিমিটেড, মহিপাল শাখা বাদী হইয়া আপনাদের বিরুদ্ধে দায়েরকৃত অর্থ ঋণ মামলায় আদালত ডিক্রি প্রদান করিয়াছেন। ডিক্রির শর্ত মোতাবেক বাদী ব্যাংক পরবর্তী সুদ ও মামলা খরচসহ সর্বমোট টাকা আদায়ের নিমিত্তে অত্র অর্থ ডিক্রিজারী মামলা দায়ের করিয়াছেন। আপনারা বিবাদী/দায়িকগণের প্রতি আদালতের পদ্ধতিতে সমন জারি করা হইলেও আপনারা ইচ্ছাকৃতভাবে সমন গ্রহণ করা হইতে উদ্ধতভাবে বিরত থাকেন। তদপ্রেক্ষিতে অর্থ ঋণ আদালত আইন ২০০৩ এর ৩৩(১) ধারা বিধান মতে অত্র বিজ্ঞপ্তি প্রকাশের মাধ্যমে আপনাদিগকে নির্দেশ দেওয়া যাইতেছে যে, পত্রিকায় সমন প্রকাশিত হওয়ার পর ধার্য তারিখে সকাল ১০ ঘটিকার মধ্যে আপনারা স্বয়ং অথবা ক্ষমতাপ্রাপ্ত আইনজীবীর মাধ্যমে উপস্থিত হইয়া কেন ডিক্রির টাকা পরিশোধ করিবেন না তাহার কারণ দর্শাইবেন। অন্যথায় অত্র মোকদ্দমা আপনাদের অনুপস্থিতিতে অর্থ ঋণ আদালত আইন ২০০৩ এর বিধান অনুযায়ী যথা নিয়মে নিষ্পত্তি হইবে।
আদেশক্রমে
(সেরেস্তাদার)
৫/২	অর্থঋণ আদালত ও যুগ্ম জেলা জজ, ১ম আদালত, ফেনী।
অর্থ ঋণ আদালত আইন ২০০৩ এর ধারা ৩৩(১) ধারা মোতাবেক
বিবাদীগণের প্রতি সমন নোটিশ জারির বিজ্ঞপ্তি।
অর্থ ঋণ আদালত, ফেনী।
অর্থ ডিক্রিজারী মামলা নং- ১৮/২০২৩ইং।
সোনালী ব্যাংক লিমিটেড, মহিপাল শাখার পক্ষে- ম্যানেজার, সোনালী ব্যাংক লিমিটেড, মহিপাল শাখা, এস. এস. কে রোড, ডাকঘর-ফেনী, থানা-ফেনী সদর, জেলা-ফেনী।
বাদী/ডিক্রিদার
বনাম......
০১। মেসার্স ইমা সুপারী ভান্ডার, স্বত্বাধিকারী জনাব মোঃ ইমা হোসেন, পিতা- মোঃ আবদুল হালিম, মাতা আলেয়া বেগম, মহিপাল, থানা ফেনী সদর, জেলা ফেনী।
০২। জনাব মোঃ ইমা হোসেন, পিতা- মোঃ আবদুল হালিম, গ্রাম ও পোঃ লালপুর, থানা ফেনী সদর, জেলা ফেনী।
০৩। জনাব মোঃ ইসমাইল হোসেন, পিতা- মৃত আব্দুল মজিদ, গ্রাম রামপুর, থানা ফেনী সদর, জেলা ফেনী।
বিবাদী/দায়িকগণ
এতদ্বারা বিবাদী দায়িকগণকে জানানো যাচ্ছে যে, ফেনী অর্থ ঋণ আদালতে সোনালী ব্যাংক লিমিটেড, মহিপাল শাখা বাদী হইয়া আপনাদের বিরুদ্ধে দায়েরকৃত অর্থ ঋণ মামলায় আদালত ডিক্রি প্রদান করিয়াছেন। ডিক্রির শর্ত মোতাবেক বাদী ব্যাংক পরবর্তী সুদ ও মামলা খরচসহ সর্বমোট টাকা আদায়ের নিমিত্তে অত্র অর্থ ডিক্রিজারী মামলা দায়ের করিয়াছেন। আপনারা বিবাদী/দায়িকগণের প্রতি আদালতের পদ্ধতিতে সমন জারি করা হইলেও আপনারা ইচ্ছাকৃতভাবে সমন গ্রহণ করা হইতে উদ্ধতভাবে বিরত থাকেন। তদপ্রেক্ষিতে অর্থ ঋণ আদালত আইন ২০০৩ এর ৩৩(১) ধারা বিধান মতে অত্র বিজ্ঞপ্তি প্রকাশের মাধ্যমে আপনাদিগকে নির্দেশ দেওয়া যাইতেছে যে, পত্রিকায় সমন প্রকাশিত হওয়ার পর ধার্য তারিখে সকাল ১০ ঘটিকার মধ্যে আপনারা স্বয়ং অথবা ক্ষমতাপ্রাপ্ত আইনজীবীর মাধ্যমে উপস্থিত হইয়া কেন ডিক্রির টাকা পরিশোধ করিবেন না তাহার কারণ দর্শাইবেন। অন্যথায় অত্র মোকদ্দমা আপনাদের অনুপস্থিতিতে অর্থ ঋণ আদালত আইন ২০০৩ এর বিধান অনুযায়ী যথা নিয়মে নিষ্পত্তি হইবে।
আদেশক্রমে
(সেরেস্তাদার)
৫/২	অর্থঋণ আদালত ও যুগ্ম জেলা জজ, ১ম আদালত, ফেনী।
অর্থ ঋণ আদালত আইন ২০০৩ এর ধারা ৩৩(১) ধারা মোতাবেক
বিবাদীগণের প্রতি সমন নোটিশ জারির বিজ্ঞপ্তি।
অর্থ ঋণ আদালত, ফেনী।
অর্থজারী মামলা নং- ১৫/২০২৩ইং।
সোনালী ব্যাংক লিমিটেড, মহিপাল শাখার পক্ষে- ম্যানেজার, সোনালী ব্যাংক লিমিটেড, মহিপাল শাখা, এস. এস. কে রোড, ডাকঘর-ফেনী, থানা-ফেনী সদর, জেলা-ফেনী।
বাদী/ডিক্রিদার
বনাম......
০১। মেসার্স সিফাত কালেকশন, স্বত্বাধিকারী জনাব আব্দুর রহিম, পিতা মৃত আবুল কাশেম, মাতা রহিমা খাতুন, শহীদ শহীদুল্লাহ কায়সার সড়ক, থানা ফেনী সদর, জেলা ফেনী।
০২। জনাব আব্দুর রহিম, পিতা মৃত আবুল কাশেম, গ্রাম ও পোঃ জোয়ারকাছাড়, থানা ফেনী সদর, জেলা ফেনী।
০৩। জনাব আবু তালেব, পিতা মৃত হাজী আব্দুল মালেক, থানা ফেনী সদর, জেলা ফেনী।
বিবাদী/দায়িকগণ
এতদ্বারা বিবাদী দায়িকগণকে জানানো যাচ্ছে যে, ফেনী অর্থ ঋণ আদালতে সোনালী ব্যাংক লিমিটেড, মহিপাল শাখা বাদী হইয়া আপনাদের বিরুদ্ধে দায়েরকৃত অর্থ ঋণ মামলায় আদালত ডিক্রি প্রদান করিয়াছেন। ডিক্রির শর্ত মোতাবেক বাদী ব্যাংক পরবর্তী সুদ ও মামলা খরচসহ সর্বমোট টাকা আদায়ের নিমিত্তে অত্র অর্থজারী মামলা দায়ের করিয়াছেন। আপনারা বিবাদী/দায়িকগণের প্রতি আদালতের পদ্ধতিতে সমন জারি করা হইলেও আপনারা ইচ্ছাকৃতভাবে সমন গ্রহণ করা হইতে উদ্ধতভাবে বিরত থাকেন। তদপ্রেক্ষিতে অর্থ ঋণ আদালত আইন ২০০৩ এর ৩৩(১) ধারা বিধান মতে অত্র বিজ্ঞপ্তি প্রকাশের মাধ্যমে আপনাদিগকে নির্দেশ দেওয়া যাইতেছে যে, পত্রিকায় সমন প্রকাশিত হওয়ার পর ধার্য তারিখে সকাল ১০ ঘটিকার মধ্যে আপনারা স্বয়ং অথবা ক্ষমতাপ্রাপ্ত আইনজীবীর মাধ্যমে উপস্থিত হইয়া কেন ডিক্রির টাকা পরিশোধ করিবেন না তাহার কারণ দর্শাইবেন। অন্যথায় অত্র মোকদ্দমা আপনাদের অনুপস্থিতিতে অর্থ ঋণ আদালত আইন ২০০৩ এর বিধান অনুযায়ী যথা নিয়মে নিষ্পত্তি হইবে।
আদেশক্রমে
(সেরেস্তাদার)
৫/২	অর্থঋণ আদালত ও যুগ্ম জেলা জজ, ১ম আদালত, ফেনী।
অর্থ ঋণ আদালত আইন ২০০৩ এর ধারা ৩৩(১) ধারা মোতাবেক
বিবাদীগণের প্রতি সমন নোটিশ জারির বিজ্ঞপ্তি।
অর্থ ঋণ আদালত, ফেনী।
অর্থজারী মামলা নং- ১৬/২০২৩ইং।
সোনালী ব্যাংক লিমিটেড, মহিপাল শাখার পক্ষে- ম্যানেজার, সোনালী ব্যাংক লিমিটেড, মহিপাল শাখা, এস. এস. কে রোড, ডাকঘর-ফেনী, থানা-ফেনী সদর, জেলা-ফেনী।
বাদী/ডিক্রিদার
বনাম......
০১। মেসার্স পল্টনপুরী এন্টারপ্রাইজ, স্বত্বাধিকারী জনাব মোঃ রেজাউল করিম পাটোয়ারী, পিতা-মৃত আবুল কাশেম, মাতা মৃত রওশন আরা বেগম, থানা ফেনী সদর, জেলা ফেনী।
০২। জনাব মোঃ রেজাউল করিম, পিতা-মৃত আবুল কাশেম, গ্রাম ও পোঃ শর্শদি, থানা ফেনী সদর, জেলা ফেনী।
০৩। জনাব মোঃ জামাল উদ্দিন, পিতা মৃত সেরাজুল হক, মাতা আমেনা বেগম, পৌরসভা, থানা ফেনী সদর, জেলা ফেনী।
বিবাদী/দায়িকগণ
এতদ্বারা বিবাদী দায়িকগণকে জানানো যাচ্ছে যে, ফেনী অর্থ ঋণ আদালতে সোনালী ব্যাংক লিমিটেড, মহিপাল শাখা বাদী হইয়া আপনাদের বিরুদ্ধে দায়েরকৃত অর্থ ঋণ মামলায় আদালত ডিক্রি প্রদান করিয়াছেন। ডিক্রির শর্ত মোতাবেক বাদী ব্যাংক পরবর্তী সুদ ও মামলা খরচসহ সর্বমোট টাকা আদায়ের নিমিত্তে অত্র অর্থজারী মামলা দায়ের করিয়াছেন। আপনারা বিবাদী/দায়িকগণের প্রতি আদালতের পদ্ধতিতে সমন জারি করা হইলেও আপনারা ইচ্ছাকৃতভাবে সমন গ্রহণ করা হইতে উদ্ধতভাবে বিরত থাকেন। তদপ্রেক্ষিতে অর্থ ঋণ আদালত আইন ২০০৩ এর ৩৩(১) ধারা বিধান মতে অত্র বিজ্ঞপ্তি প্রকাশের মাধ্যমে আপনাদিগকে নির্দেশ দেওয়া যাইতেছে যে, পত্রিকায় সমন প্রকাশিত হওয়ার পর ধার্য তারিখে সকাল ১০ ঘটিকার মধ্যে আপনারা স্বয়ং অথবা ক্ষমতাপ্রাপ্ত আইনজীবীর মাধ্যমে উপস্থিত হইয়া কেন ডিক্রির টাকা পরিশোধ করিবেন না তাহার কারণ দর্শাইবেন। অন্যথায় অত্র মোকদ্দমা আপনাদের অনুপস্থিতিতে অর্থ ঋণ আদালত আইন ২০০৩ এর বিধান অনুযায়ী যথা নিয়মে নিষ্পত্তি হইবে।
আদেশক্রমে
(সেরেস্তাদার)
৫/২	অর্থঋণ আদালত ও যুগ্ম জেলা জজ, ১ম আদালত, ফেনী।
